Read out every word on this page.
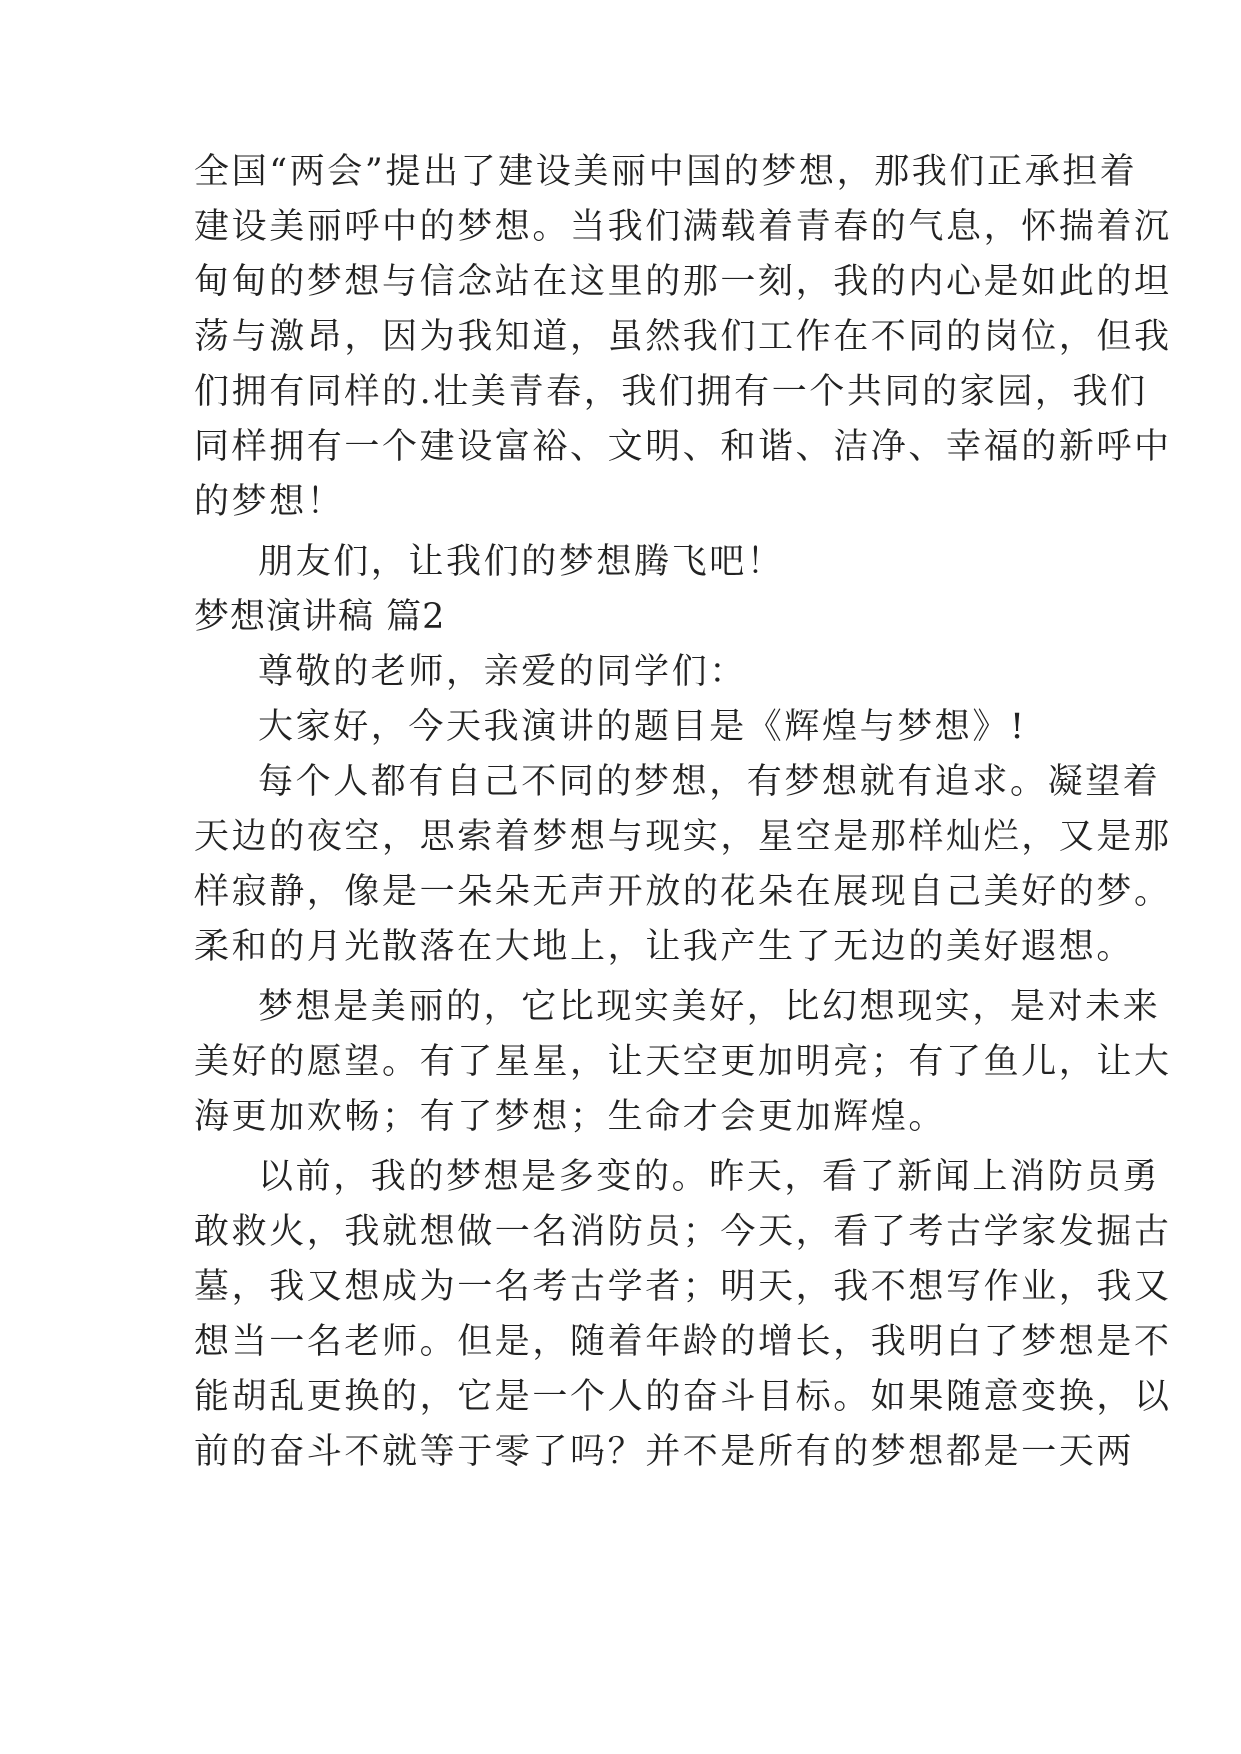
全国“两会”提出了建设美丽中国的梦想，那我们正承担着
建设美丽呼中的梦想。当我们满载着青春的气息，怀揣着沉
甸甸的梦想与信念站在这里的那一刻，我的内心是如此的坦
荡与激昂，因为我知道，虽然我们工作在不同的岗位，但我
们拥有同样的.壮美青春，我们拥有一个共同的家园，我们
同样拥有一个建设富裕、文明、和谐、洁净、幸福的新呼中
的梦想！
朋友们，让我们的梦想腾飞吧！
梦想演讲稿 篇2
尊敬的老师，亲爱的同学们：
大家好，今天我演讲的题目是《辉煌与梦想》!
每个人都有自己不同的梦想，有梦想就有追求。凝望着
天边的夜空，思索着梦想与现实，星空是那样灿烂，又是那
样寂静，像是一朵朵无声开放的花朵在展现自己美好的梦。
柔和的月光散落在大地上，让我产生了无边的美好遐想。
梦想是美丽的，它比现实美好，比幻想现实，是对未来
美好的愿望。有了星星，让天空更加明亮；有了鱼儿，让大
海更加欢畅；有了梦想；生命才会更加辉煌。
以前，我的梦想是多变的。昨天，看了新闻上消防员勇
敢救火，我就想做一名消防员；今天，看了考古学家发掘古
墓，我又想成为一名考古学者；明天，我不想写作业，我又
想当一名老师。但是，随着年龄的增长，我明白了梦想是不
能胡乱更换的，它是一个人的奋斗目标。如果随意变换，以
前的奋斗不就等于零了吗？并不是所有的梦想都是一天两
